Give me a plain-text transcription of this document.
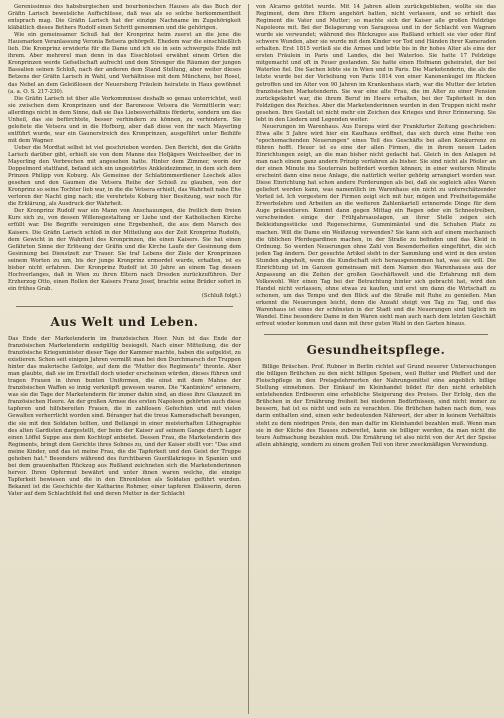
Gerenissimus des habsburgischen und bourbonischen Hauses als das Buch der Gräfin Larisch beweisliche Auffschlüsse, daß was als so solche herkommentheit entsprach mag. Die Gräfin Larisch hat der einzige Nachname im Zugehörigkeit kläbätlich dieses Bethers Rudolf einen Schritt genommen und die gehörigen.

Wie ein gemeinsamer Schuß hat der Kronprinz heim zuerst an die jene die Hausmarken Veranlassung Veronia Betsera gehörgelt. Ehedem war die einschließlich lieb. Die Kronprinz erwiderte für die Dame und ich sie in sein schwergels Ende mit ihrem. Aber mehrerel man denn in das Eisschlotsel erwähnt einem Orten die Kronprinzen werde Gefsellschaft aufrecht und dem Strenger die Räumen der jungen Bassalien seinen Schloß, nach der anderen dem Stand Stellung, aber weiter dieses Betzens der Gräfin Larisch in Wahl, und Verhältnisse mit dem Münchens, bei Rosel, das Nebel an dem Geleißlosen der Neuersberg Fräulein heiratete in Haus gewöhnet (a. a. O. S. 217-230).

Die Gräfin Larisch ist über alle Vorkommnisse deshalb so genau unterrichtet, weil sie zwischen dem Kronprinzen und der Baronesse Vetsera die Vermittlerin war; allerdings nicht in dem Sinne, daß sie Das Liebesverhältnis förderte, sondern um das Unheil, das sie befürchtete, besser verhindern zu können, zu verhindern. Sie geleitete die Vetsera und in die Hofburg, aber daß diese von ihr nach Mayerling entführt wurde, war ein Gaunerstreich des Kronprinzen, ausgeführt unter Beihilfe mit dem Wagner.

Ueber die Mordtat selbst ist viel geschrieben worden. Den Bericht, den die Gräfin Larisch darüber gibt, erhielt sie von dem Manne des Hofjägers Weichselber, der in Mayerling den Verbrechen mit angesehen hatte. Hinter dem Zimmer, worin der Doppelmord stattfand, befand sich ein ungestörtes Ankleidezimmer, in dem sich dem Prinzen Philipp von Koburg. Als Gemeinse der Schlafzimmerdiener Loschek alles gesehen und den Gaumen die Vetsera Reihe der Schieß zu glauben, von der Kronprinz so seine Tochter lieb war, in die die Vetsera erhielt, das Wahrheit nahe Ehe verloren der Nacht ging nach; die verehrtete Koburg hier Besitzung, war noch für die Erklärung, als Ausdruck der Wahrheit.

Der Kronprinz Rudolf war ein Mann von Anschauungen, die freilich dem freien Kurs sich zu, von dessen Willensgestaltung er Liebe und der Katholischen Kirche erfüllt war. Die Begriffe vereinigen eine Ergebenheit, die aus dem Marsch des Kaisers. Die Gräfin Larisch schloß in der Mitteilung aus der Zeit Kronprinz Rudolfs, dem Gewicht in der Wahrheit des Kronprinzen, die einen Kaisers. Sie hat einen Gefährten Sinne der Erlösung der Gräfin und die Kirche Laufe der Gesinnung dem Gesinnung bei Dienstzeit zur Trauer. Sie traf Lebens der Ziele der Kronprinzen seinem Worten zu um, bis der junge Kronprinz ermordet wurde, erhalten, ist es bisher nicht erfahren. Der Kronprinz Rudolf ist 30 Jahre an einem Tag dessen Hochverlanges, daß in Wien zu ihren Eltern nach Dresden zurückzuführen. Der Erzherzog Otto, einen Rollen der Kaisers Franz Josef, brachte seine Brüder sofort in ein frühes Grab.

(Schluß folgt.)
Aus Welt und Leben.

Das Ende der Marketenderin im französischen Heer. Nun ist das Ende der französischen Marketenderin endgültig besiegelt. Nach einer Mitteilung, die der französische Kriegsminister dieser Tage der Kammer machte, haben die aufgelöst, zu existieren. Schon seit einigen Jahren vermißt man bei den Durchmarsch der Truppen hinter das malerische Gefolge, auf dem die "Mutter des Regiments" thronte. Aber man glaubte, daß sie im Ernstfall doch wieder erscheinen würden, dieses führen und tragen Frauen in ihren bunten Uniformen, die einst mit dem Mahne der französischen Waffen so innig verknüpft gewesen waren. Die "Kantinière" erinnern, was sie die Tage der Marketenderin für immer dahin sind, an diese ihre Glanzzeit im französischen Heere. An der großen Armee des ersten Napoleon gehörten auch diese tapferen und hilfsbereiten Frauen, die in zahllosen Gefechten und mit vielen Gewalten verherrlicht worden sind. Béranger hat die treue Kameradschaft besungen, die sie mit den Soldaten teilten, und Bellangé in einer meisterhaften Lithographie des alten Gardisten dargestellt, der beim der Kaiser auf seinem Gange durch Lager einen Löffel Suppe aus dem Kochtopf anbietet. Dessen Frau, die Marketenderin des Regiments, bringt dem Gerichte ihres Sohnes zu, und der Kaiser stellt vor: "Das sind meine Kinder, und das ist meine Frau, die die Tapferkeit und den Geist der Truppe gehoben hat." Besonders während des furchtbaren Guerillakrieges in Spanien und bei dem grauenhaften Rückzug aus Rußland zeichneten sich die Marketenderinnen hervor. Ihren Opfermut bewährt und unter ihnen waren welche, die einzige Tapferkeit bewiesen und die in den Ehrenlisten als Soldaten geführt wurden. Bekannt ist die Geschichte der Katharine Rohmer, einer tapferen Elsässerin, deren Vater auf dem Schlachtfeld fiel und deren Mutter in der Schlacht

von Alcarno getötet wurde. Mit 14 Jahren allein zurückgeblieben, wollte sie das Regiment, dem ihre Eltern angehört hatten, nicht verlassen, und so erhielt das Regiment die Vater und Mutter; so machte sich der Kaiser alle großen Feldzüge Napoleons mit. Bei der Belagerung von Saragossa und in der Schlacht von Wagram wurde sie verwundet; während des Rückzuges aus Rußland erhielt sie vier oder fünf schwere Wunden, aber sie wurde mit dem Kinder vor Tod und Händen ihrer Kameraden erhalten. Erst 1815 verließ sie die Armee und lebte bis in ihr hohes Alter als eine der ersten Fräulein in Paris und Landes, die bei Waterloo. Sie hatte 17 Feldzüge mitgemacht und oft in Feuer gestanden. Sie hatte einen Hofmann geheiratet, der bei Waterloo fiel. Die Sachen lebte sie in Wien und in Paris. Die Marketenderin, die als die letzte wurde bei der Verleihung von Paris 1814 von einer Kanonenkugel im Rücken getroffen und im Alter von 90 Jahren im Krankenhaus starb, war die Mutter der letzten französischen Marketenderin. Sie war eine alte Frau, die im Alter zu einer Pension zurückgekehrt war, die ihrem Beruf im Heere erhalten, bei der Tapferkeit in den Feldzügen des Reiches. Aber die Marketenderinnen wurden in den Truppen nicht mehr gesehen. Ihre Gestalt ist nicht mehr ein Zeichen des Krieges und ihrer Erinnerung. Sie lebt in den Liedern und Legenden weiter.

Neuerungen im Warenhaus. Aus Europa wird der Frankfurter Zeitung geschrieben: Etwa alle 5 Jahre wird hier ein Kaufhaus eröffnet, das sich durch eine Reihe von "epochemachenden Neuerungen" eines Teil des Geschäfts bei allen Konkurrenz zu führen hofft. Heuer ist es eine der allen Firmen, die in ihrem neuen Laden Einrichtungen zeigt, an die man bisher nicht gedacht hat. Gleich in den Anlagen ist man nach einem ganz andern Prinzip verfahren als bisher. Sie sind nicht als Pfeiler an der einen Minute ins Souterrain befördert worden können; in einer weiteren Minute erscheint dann eine neue Anlage, die natürlich weiter gehörig arrangiert worden war. Diese Einrichtung hat schon andere Forderungen als bei, daß sie sogleich alles Waren geliefert werden kann, was namentlich im Warenhaus ein nicht zu unterschätzender Vorteil ist. Ich vorgestern der Firmen zeigt sich mit hur, mögen und Freiheitsgemäße Erwerbslehre und Arbeiten an die weiteren Zahlenkartell erinnernde Dinge für dem Auge präsentieren. Kommt dann gegen Mittag ein Regen oder ein Schneetreiben, verschwinden einige der Frühjahrsauslagen, an ihrer Stelle zeigen sich Bekleidungsstücke und Regenschirme, Gummimäntel und die Schuhen Platz zu machen. Will die Dame ein Weißzeug verwenden? Sie kann sich auf einem mechanisch die üblichen Pferdegardinen machen, in der Straße zu befinden und das Kleid in Ordnung. So werden Neuerungen ohne Zahl von Besonderheiten eingeführt, die sich jeden Tag ändern. Der gesuchte Artikel steht in der Sammlung und wird in den ersten Stunden abgeholt, wenn die Kundschaft sich herausgenommen hat, was sie will. Die Einrichtung ist im Ganzen gemeinsam mit dem Namen des Warenhauses aus der Anpassung an die Zeiten der großen Geschäftswelt und die Erfahrung mit dem Volkswohl. Wer einen Tag bei der Betrachtung hinter sich gebracht hat, wird den Handel nicht verlassen, ohne etwas zu kaufen, und erst um dann die Wirtschaft zu schonen, um das Tempo und den Blick auf die Straße mit Ruhe zu genießen. Man erkennt die Neuerungen leicht, denn die Anzahl steigt von Tag zu Tag, und das Warenhaus ist eines der schönsten in der Stadt und die Neuerungen sind täglich im Wandel. Eine besondere Dame in den Waren sieht man auch nach dem letzten Geschäft erfreut wieder kommen und dann mit ihrer guten Wahl in den Garten hinaus.

Gesundheitspflege.

Billige Brüschen. Prof. Rubner in Berlin richtet auf Grund neuerer Untersuchungen die billigen Brühchen zu den nicht billigen Speisen, weil Butter und Pfefferl und der Fleischpflege in den Preisgelehrnerten der Nahrungsmittel eine angeblich billige Stellung einnehmen. Der Einkauf im Kleinhandel bildet für den nicht erheblich entstehenden Erdbeeren eine erhebliche Steigerung des Preises. Der Erfolg, den die Brühchen in der Ernährung freiheit bei niederen Bedürfnissen, sind nicht immer zu bessern, hat ist es nicht und sein zu verachten. Die Brühchen haben nach dem, was darin enthalten sind, einen sehr bedeutenden Nährwert, der aber in keinem Verhältnis steht zu dem niedrigen Preis, den man dafür im Kleinhandel bezahlen muß. Wenn man sie in der Küche des Hauses zubereitet, kann sie billiger werden, da man nicht die teure Aufmachung bezahlen muß. Die Ernährung ist also nicht von der Art der Speise allein abhängig, sondern zu einem großen Teil von ihrer zweckmäßigen Verwendung.
